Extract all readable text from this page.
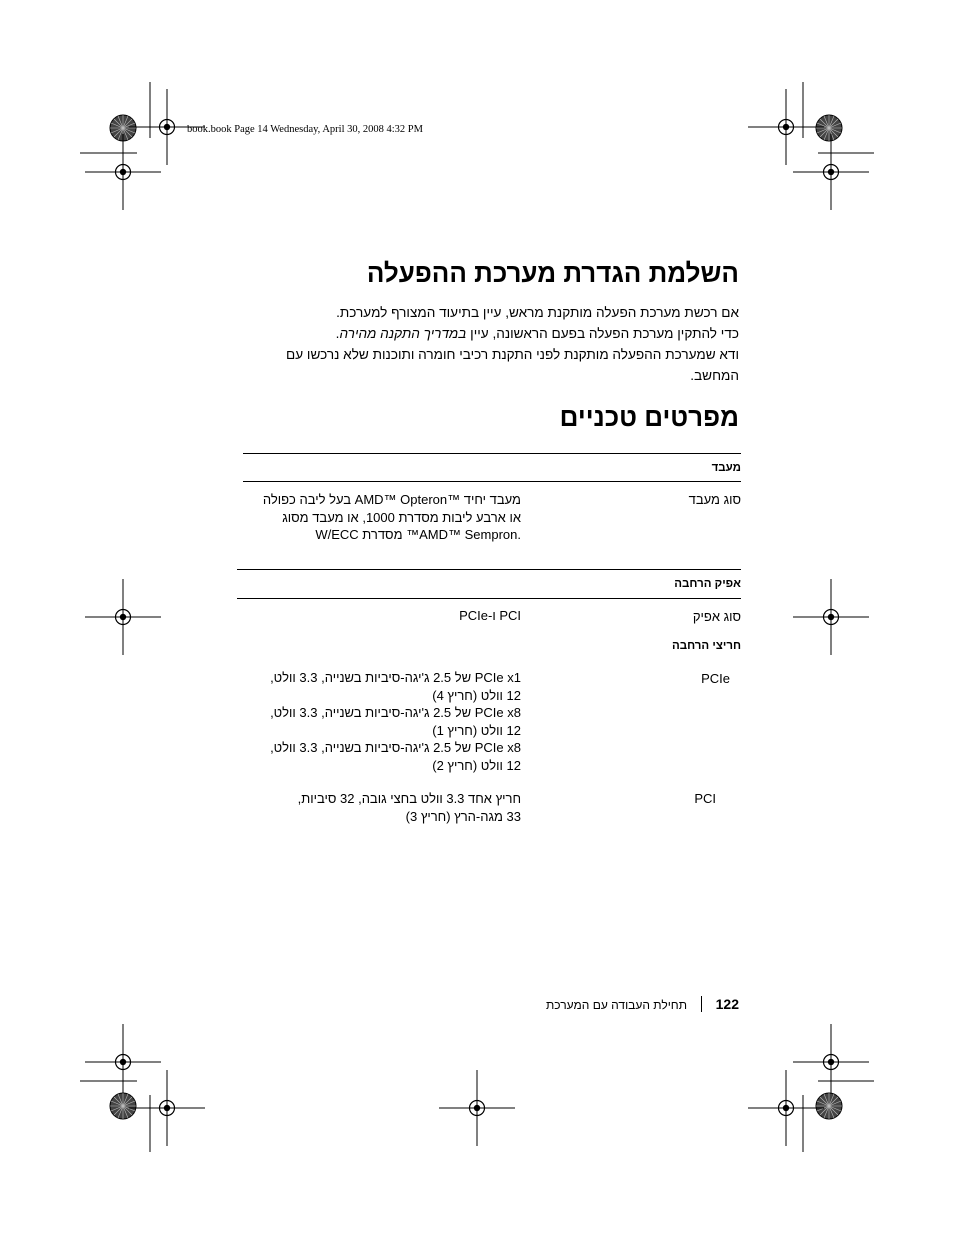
book.book Page 14 Wednesday, April 30, 2008 4:32 PM
השלמת הגדרת מערכת ההפעלה

אם רכשת מערכת הפעלה מותקנת מראש, עיין בתיעוד המצורף למערכת.
כדי להתקין מערכת הפעלה בפעם הראשונה, עיין במדריך התקנה מהירה.
ודא שמערכת ההפעלה מותקנת לפני התקנת רכיבי חומרה ותוכנות שלא נרכשו עם
המחשב.

מפרטים טכניים
מעבד
סוג מעבד
מעבד יחיד ™AMD™ Opteron בעל ליבה כפולה
או ארבע ליבות מסדרת 1000, או מעבד מסוג
.AMD™ Sempron™ מסדרת W/ECC
אפיק הרחבה
סוג אפיק
PCI ו-PCIe
חריצי הרחבה
PCIe
PCIe x1 של 2.5 ג'יגה-סיביות בשנייה, 3.3 וולט,
12 וולט (חריץ 4)
PCIe x8 של 2.5 ג'יגה-סיביות בשנייה, 3.3 וולט,
12 וולט (חריץ 1)
PCIe x8 של 2.5 ג'יגה-סיביות בשנייה, 3.3 וולט,
12 וולט (חריץ 2)
PCI
חריץ אחד 3.3 וולט בחצי גובה, 32 סיביות,
33 מגה-הרץ (חריץ 3)
122
תחילת העבודה עם המערכת
